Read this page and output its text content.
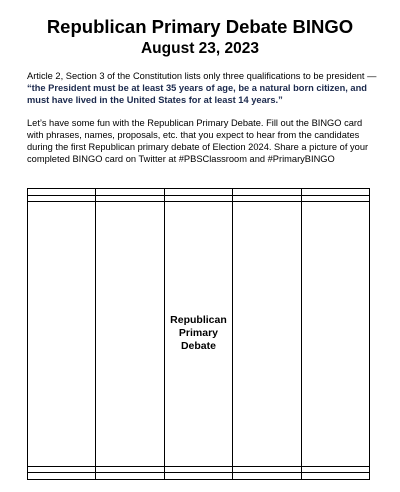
Republican Primary Debate BINGO
August 23, 2023
Article 2, Section 3 of the Constitution lists only three qualifications to be president — “the President must be at least 35 years of age, be a natural born citizen, and must have lived in the United States for at least 14 years.”
Let’s have some fun with the Republican Primary Debate. Fill out the BINGO card with phrases, names, proposals, etc. that you expect to hear from the candidates during the first Republican primary debate of Election 2024. Share a picture of your completed BINGO card on Twitter at #PBSClassroom and #PrimaryBINGO

		Republican Primary Debate		
